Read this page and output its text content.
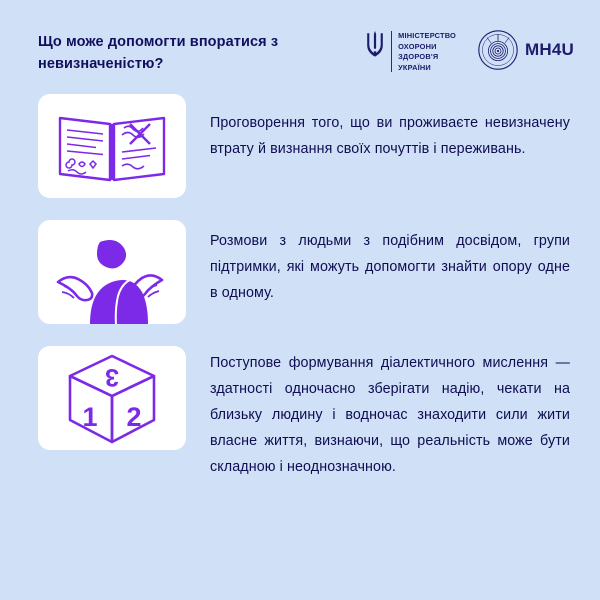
Що може допомогти впоратися з невизначеністю?
МІНІСТЕРСТВО
ОХОРОНИ
ЗДОРОВ'Я
УКРАЇНИ
MH4U
Проговорення того, що ви проживаєте невизначену втрату й визнання своїх почуттів і переживань.
Розмови з людьми з подібним досвідом, групи підтримки, які можуть допомогти знайти опору одне в одному.
3
1 2
Поступове формування діалектичного мислення — здатності одночасно зберігати надію, чекати на близьку людину і водночас знаходити сили жити власне життя, визнаючи, що реальність може бути складною і неоднозначною.
